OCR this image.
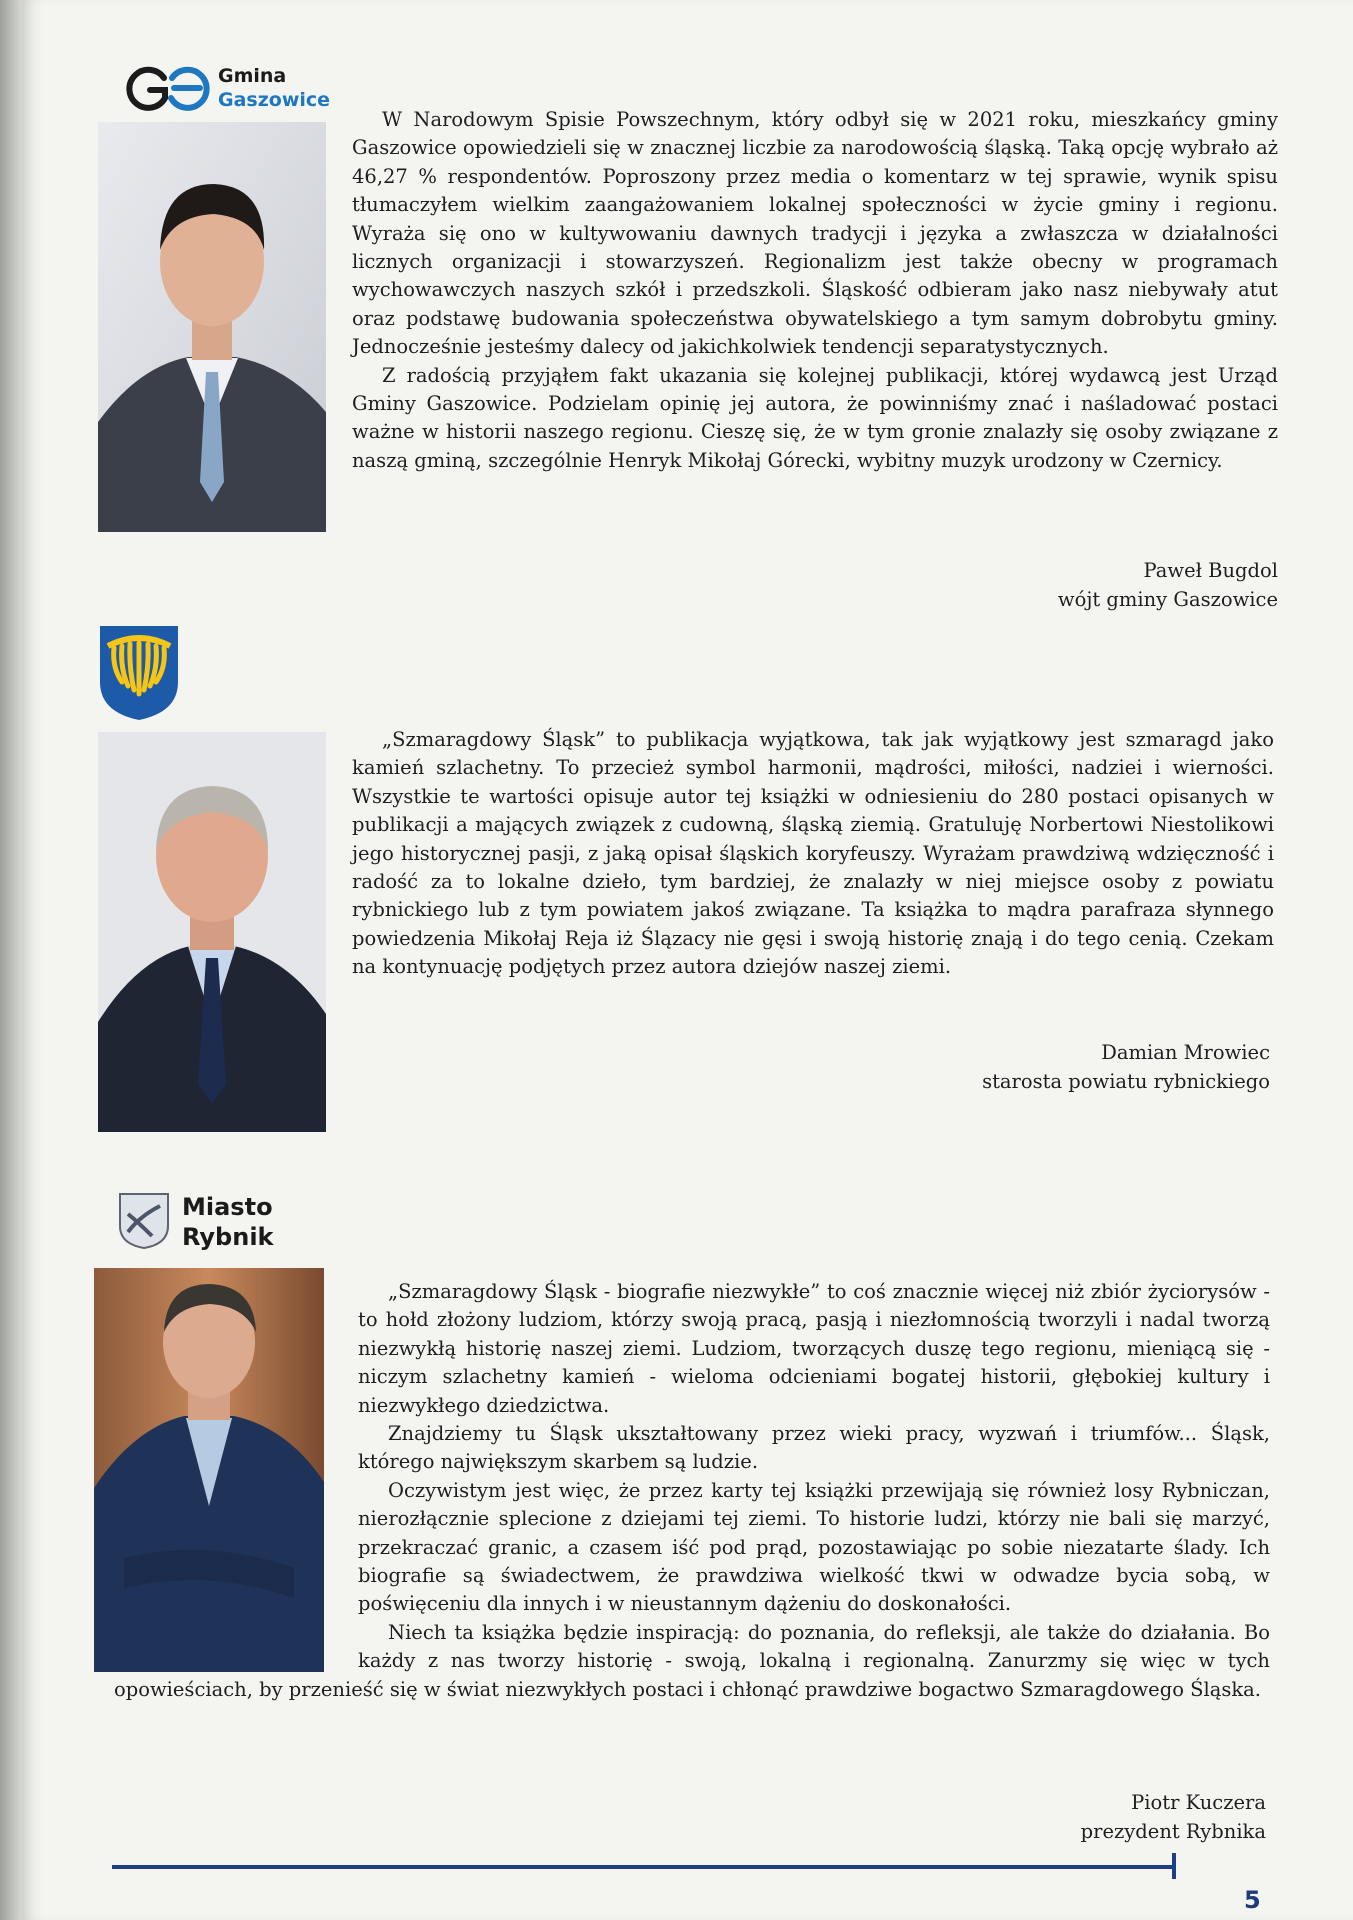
Gmina
Gaszowice

W Narodowym Spisie Powszechnym, który odbył się w 2021 roku, mieszkańcy gminy Gaszowice opowiedzieli się w znacznej liczbie za narodowością śląską. Taką opcję wybrało aż 46,27 % respondentów. Poproszony przez media o komentarz w tej sprawie, wynik spisu tłumaczyłem wielkim zaangażowaniem lokalnej społeczności w życie gminy i regionu. Wyraża się ono w kultywowaniu dawnych tradycji i języka a zwłaszcza w działalności licznych organizacji i stowarzyszeń. Regionalizm jest także obecny w programach wychowawczych naszych szkół i przedszkoli. Śląskość odbieram jako nasz niebywały atut oraz podstawę budowania społeczeństwa obywatelskiego a tym samym dobrobytu gminy. Jednocześnie jesteśmy dalecy od jakichkolwiek tendencji separatystycznych.

Z radością przyjąłem fakt ukazania się kolejnej publikacji, której wydawcą jest Urząd Gminy Gaszowice. Podzielam opinię jej autora, że powinniśmy znać i naśladować postaci ważne w historii naszego regionu. Cieszę się, że w tym gronie znalazły się osoby związane z naszą gminą, szczególnie Henryk Mikołaj Górecki, wybitny muzyk urodzony w Czernicy.

Paweł Bugdol
wójt gminy Gaszowice

„Szmaragdowy Śląsk” to publikacja wyjątkowa, tak jak wyjątkowy jest szmaragd jako kamień szlachetny. To przecież symbol harmonii, mądrości, miłości, nadziei i wierności. Wszystkie te wartości opisuje autor tej książki w odniesieniu do 280 postaci opisanych w publikacji a mających związek z cudowną, śląską ziemią. Gratuluję Norbertowi Niestolikowi jego historycznej pasji, z jaką opisał śląskich koryfeuszy. Wyrażam prawdziwą wdzięczność i radość za to lokalne dzieło, tym bardziej, że znalazły w niej miejsce osoby z powiatu rybnickiego lub z tym powiatem jakoś związane. Ta książka to mądra parafraza słynnego powiedzenia Mikołaj Reja iż Ślązacy nie gęsi i swoją historię znają i do tego cenią. Czekam na kontynuację podjętych przez autora dziejów naszej ziemi.

Damian Mrowiec
starosta powiatu rybnickiego
Miasto
Rybnik

„Szmaragdowy Śląsk - biografie niezwykłe” to coś znacznie więcej niż zbiór życiorysów - to hołd złożony ludziom, którzy swoją pracą, pasją i niezłomnością tworzyli i nadal tworzą niezwykłą historię naszej ziemi. Ludziom, tworzących duszę tego regionu, mieniącą się - niczym szlachetny kamień - wieloma odcieniami bogatej historii, głębokiej kultury i niezwykłego dziedzictwa.

Znajdziemy tu Śląsk ukształtowany przez wieki pracy, wyzwań i triumfów... Śląsk, którego największym skarbem są ludzie.

Oczywistym jest więc, że przez karty tej książki przewijają się również losy Rybniczan, nierozłącznie splecione z dziejami tej ziemi. To historie ludzi, którzy nie bali się marzyć, przekraczać granic, a czasem iść pod prąd, pozostawiając po sobie niezatarte ślady. Ich biografie są świadectwem, że prawdziwa wielkość tkwi w odwadze bycia sobą, w poświęceniu dla innych i w nieustannym dążeniu do doskonałości.

Niech ta książka będzie inspiracją: do poznania, do refleksji, ale także do działania. Bo każdy z nas tworzy historię - swoją, lokalną i regionalną. Zanurzmy się więc w tych opowieściach, by przenieść się w świat niezwykłych postaci i chłonąć prawdziwe bogactwo Szmaragdowego Śląska.

Piotr Kuczera
prezydent Rybnika
5
